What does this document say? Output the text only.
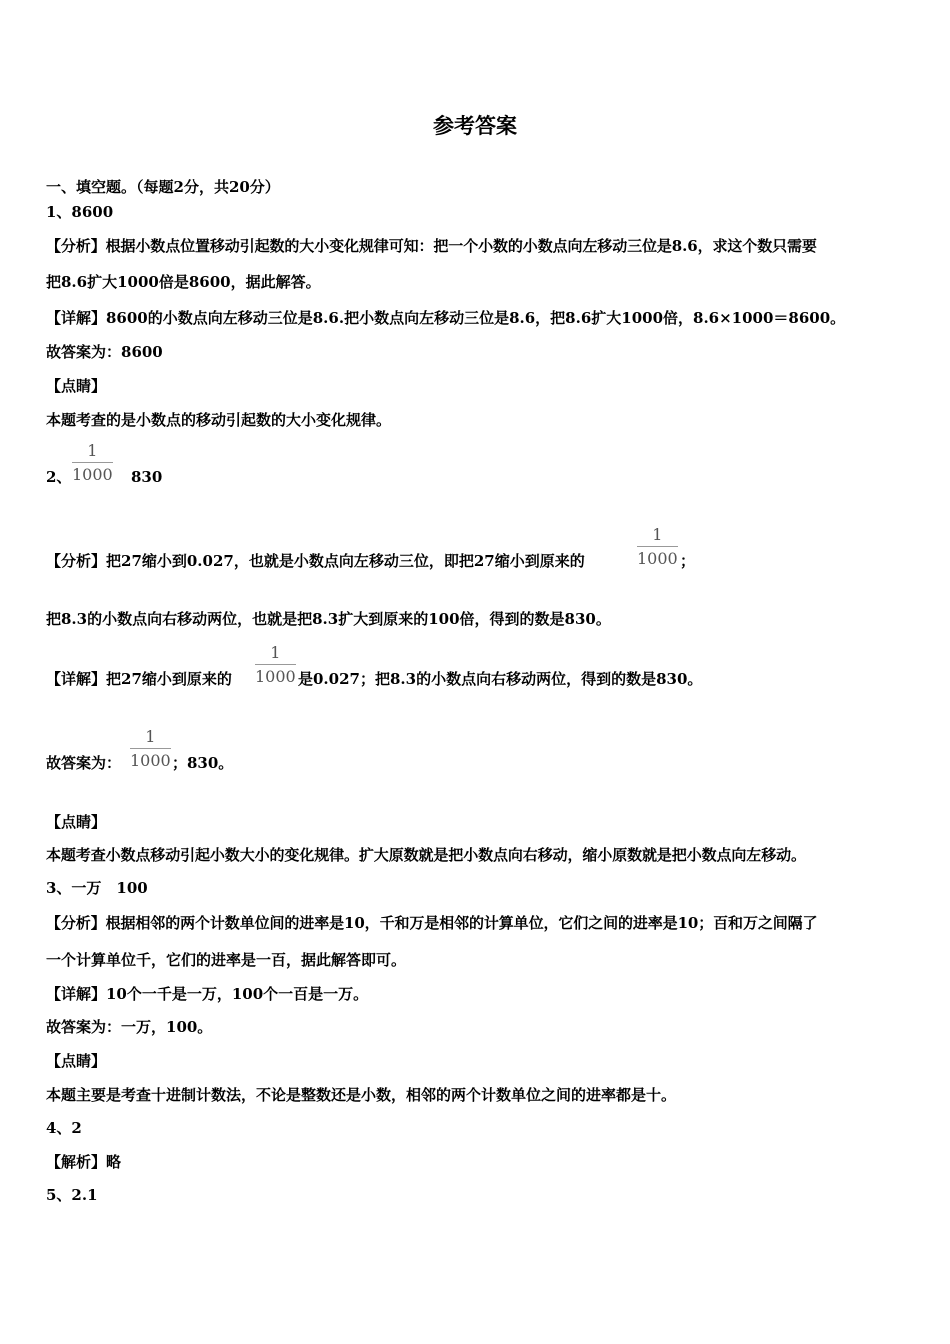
参考答案
一、填空题。（每题2分，共20分）
1、8600
【分析】根据小数点位置移动引起数的大小变化规律可知：把一个小数的小数点向左移动三位是8.6，求这个数只需要
把8.6扩大1000倍是8600，据此解答。
【详解】8600的小数点向左移动三位是8.6.把小数点向左移动三位是8.6，把8.6扩大1000倍，8.6×1000＝8600。
故答案为：8600
【点睛】
本题考查的是小数点的移动引起数的大小变化规律。
2、 $\frac{1}{1000} 830$
【分析】把27缩小到0.027，也就是小数点向左移动三位，即把27缩小到原来的	$\frac{1}{1000}$ ；
把8.3的小数点向右移动两位，也就是把8.3扩大到原来的100倍，得到的数是830。
【详解】把27缩小到原来的 $\frac{1}{1000}$ 是0.027；把8.3的小数点向右移动两位，得到的数是830。
故答案为： $\frac{1}{1000}$ ；830。
【点睛】
本题考查小数点移动引起小数大小的变化规律。扩大原数就是把小数点向右移动，缩小原数就是把小数点向左移动。
3、一万　100
【分析】根据相邻的两个计数单位间的进率是10，千和万是相邻的计算单位，它们之间的进率是10；百和万之间隔了
一个计算单位千，它们的进率是一百，据此解答即可。
【详解】10个一千是一万，100个一百是一万。
故答案为：一万，100。
【点睛】
本题主要是考查十进制计数法，不论是整数还是小数，相邻的两个计数单位之间的进率都是十。
4、2
【解析】略
5、2.1
